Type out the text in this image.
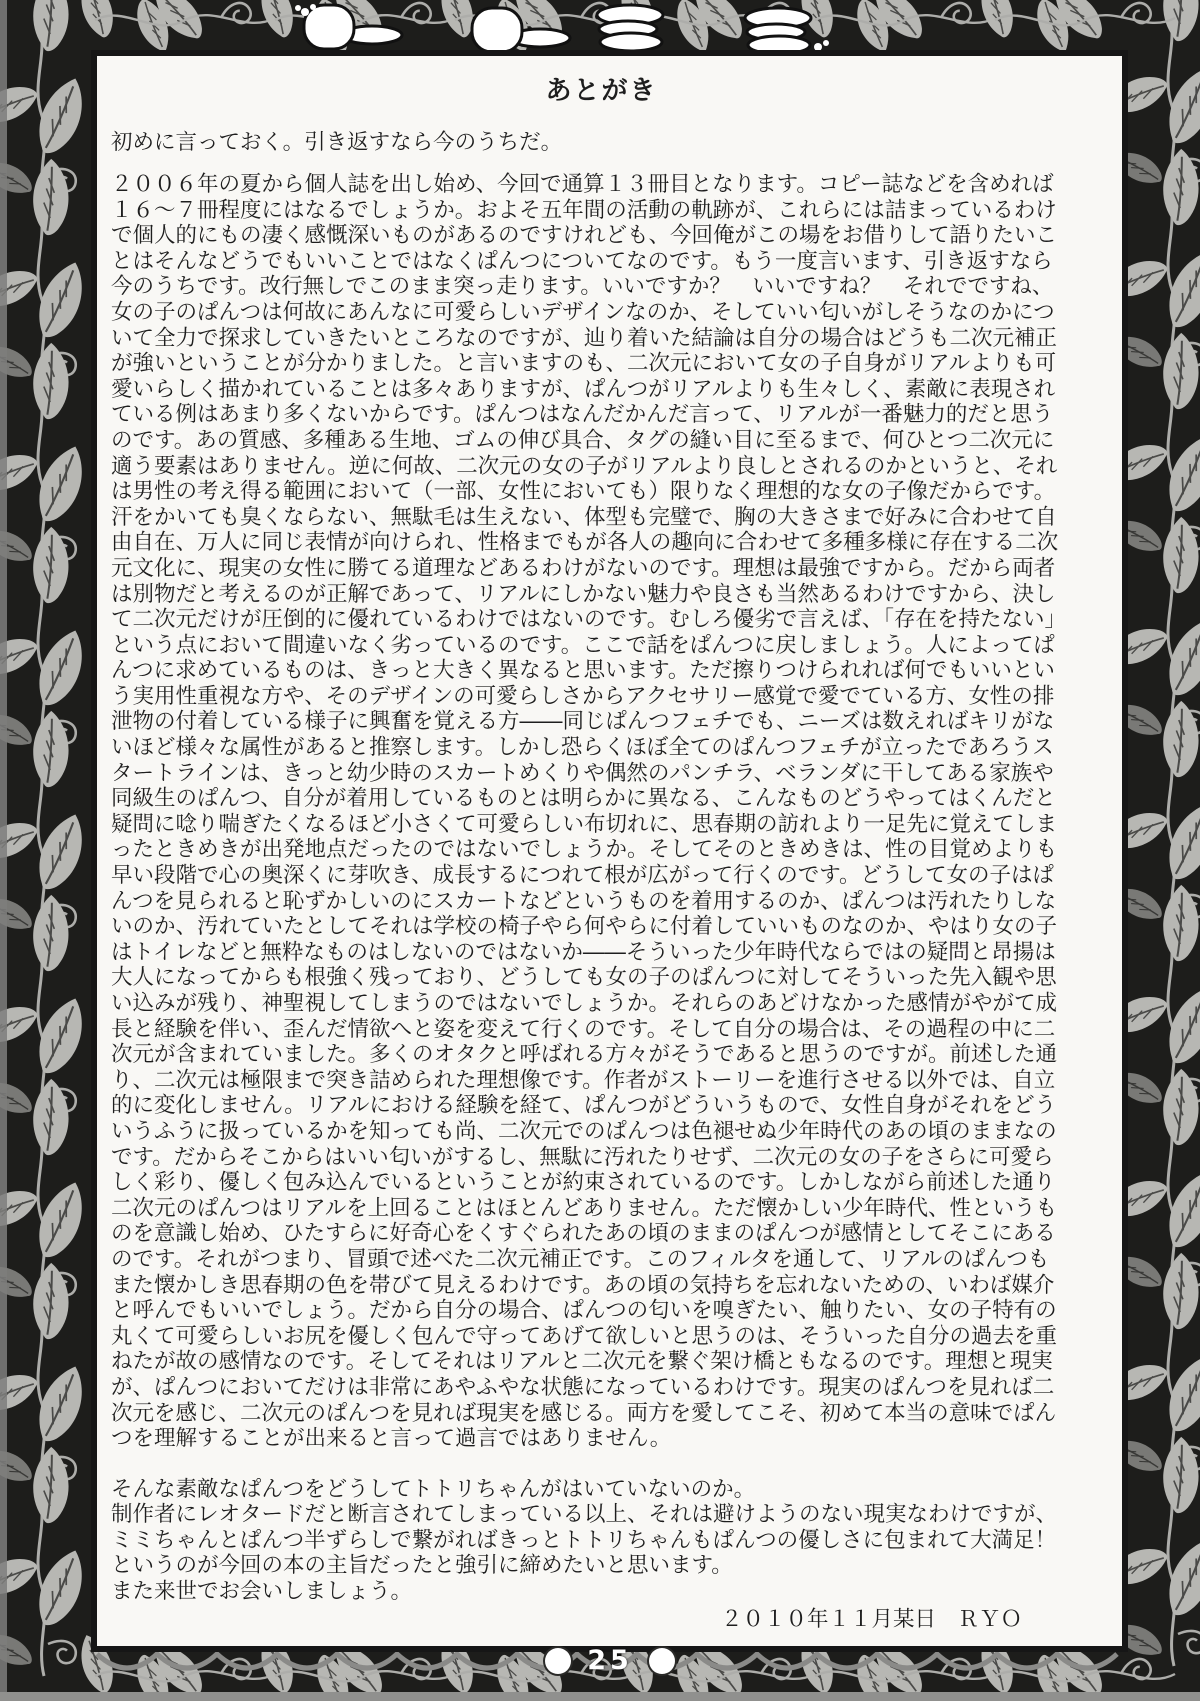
あとがき
初めに言っておく。引き返すなら今のうちだ。
２００６年の夏から個人誌を出し始め、今回で通算１３冊目となります。コピー誌などを含めれば
１６～７冊程度にはなるでしょうか。およそ五年間の活動の軌跡が、これらには詰まっているわけ
で個人的にもの凄く感慨深いものがあるのですけれども、今回俺がこの場をお借りして語りたいこ
とはそんなどうでもいいことではなくぱんつについてなのです。もう一度言います、引き返すなら
今のうちです。改行無しでこのまま突っ走ります。いいですか？　いいですね？　それでですね、
女の子のぱんつは何故にあんなに可愛らしいデザインなのか、そしていい匂いがしそうなのかにつ
いて全力で探求していきたいところなのですが、辿り着いた結論は自分の場合はどうも二次元補正
が強いということが分かりました。と言いますのも、二次元において女の子自身がリアルよりも可
愛いらしく描かれていることは多々ありますが、ぱんつがリアルよりも生々しく、素敵に表現され
ている例はあまり多くないからです。ぱんつはなんだかんだ言って、リアルが一番魅力的だと思う
のです。あの質感、多種ある生地、ゴムの伸び具合、タグの縫い目に至るまで、何ひとつ二次元に
適う要素はありません。逆に何故、二次元の女の子がリアルより良しとされるのかというと、それ
は男性の考え得る範囲において（一部、女性においても）限りなく理想的な女の子像だからです。
汗をかいても臭くならない、無駄毛は生えない、体型も完璧で、胸の大きさまで好みに合わせて自
由自在、万人に同じ表情が向けられ、性格までもが各人の趣向に合わせて多種多様に存在する二次
元文化に、現実の女性に勝てる道理などあるわけがないのです。理想は最強ですから。だから両者
は別物だと考えるのが正解であって、リアルにしかない魅力や良さも当然あるわけですから、決し
て二次元だけが圧倒的に優れているわけではないのです。むしろ優劣で言えば、「存在を持たない」
という点において間違いなく劣っているのです。ここで話をぱんつに戻しましょう。人によってぱ
んつに求めているものは、きっと大きく異なると思います。ただ擦りつけられれば何でもいいとい
う実用性重視な方や、そのデザインの可愛らしさからアクセサリー感覚で愛でている方、女性の排
泄物の付着している様子に興奮を覚える方――同じぱんつフェチでも、ニーズは数えればキリがな
いほど様々な属性があると推察します。しかし恐らくほぼ全てのぱんつフェチが立ったであろうス
タートラインは、きっと幼少時のスカートめくりや偶然のパンチラ、ベランダに干してある家族や
同級生のぱんつ、自分が着用しているものとは明らかに異なる、こんなものどうやってはくんだと
疑問に唸り喘ぎたくなるほど小さくて可愛らしい布切れに、思春期の訪れより一足先に覚えてしま
ったときめきが出発地点だったのではないでしょうか。そしてそのときめきは、性の目覚めよりも
早い段階で心の奥深くに芽吹き、成長するにつれて根が広がって行くのです。どうして女の子はぱ
んつを見られると恥ずかしいのにスカートなどというものを着用するのか、ぱんつは汚れたりしな
いのか、汚れていたとしてそれは学校の椅子やら何やらに付着していいものなのか、やはり女の子
はトイレなどと無粋なものはしないのではないか――そういった少年時代ならではの疑問と昂揚は
大人になってからも根強く残っており、どうしても女の子のぱんつに対してそういった先入観や思
い込みが残り、神聖視してしまうのではないでしょうか。それらのあどけなかった感情がやがて成
長と経験を伴い、歪んだ情欲へと姿を変えて行くのです。そして自分の場合は、その過程の中に二
次元が含まれていました。多くのオタクと呼ばれる方々がそうであると思うのですが。前述した通
り、二次元は極限まで突き詰められた理想像です。作者がストーリーを進行させる以外では、自立
的に変化しません。リアルにおける経験を経て、ぱんつがどういうもので、女性自身がそれをどう
いうふうに扱っているかを知っても尚、二次元でのぱんつは色褪せぬ少年時代のあの頃のままなの
です。だからそこからはいい匂いがするし、無駄に汚れたりせず、二次元の女の子をさらに可愛ら
しく彩り、優しく包み込んでいるということが約束されているのです。しかしながら前述した通り
二次元のぱんつはリアルを上回ることはほとんどありません。ただ懐かしい少年時代、性というも
のを意識し始め、ひたすらに好奇心をくすぐられたあの頃のままのぱんつが感情としてそこにある
のです。それがつまり、冒頭で述べた二次元補正です。このフィルタを通して、リアルのぱんつも
また懐かしき思春期の色を帯びて見えるわけです。あの頃の気持ちを忘れないための、いわば媒介
と呼んでもいいでしょう。だから自分の場合、ぱんつの匂いを嗅ぎたい、触りたい、女の子特有の
丸くて可愛らしいお尻を優しく包んで守ってあげて欲しいと思うのは、そういった自分の過去を重
ねたが故の感情なのです。そしてそれはリアルと二次元を繋ぐ架け橋ともなるのです。理想と現実
が、ぱんつにおいてだけは非常にあやふやな状態になっているわけです。現実のぱんつを見れば二
次元を感じ、二次元のぱんつを見れば現実を感じる。両方を愛してこそ、初めて本当の意味でぱん
つを理解することが出来ると言って過言ではありません。
そんな素敵なぱんつをどうしてトトリちゃんがはいていないのか。
制作者にレオタードだと断言されてしまっている以上、それは避けようのない現実なわけですが、
ミミちゃんとぱんつ半ずらしで繋がればきっとトトリちゃんもぱんつの優しさに包まれて大満足！
というのが今回の本の主旨だったと強引に締めたいと思います。
また来世でお会いしましょう。
２０１０年１１月某日　ＲＹＯ
25
